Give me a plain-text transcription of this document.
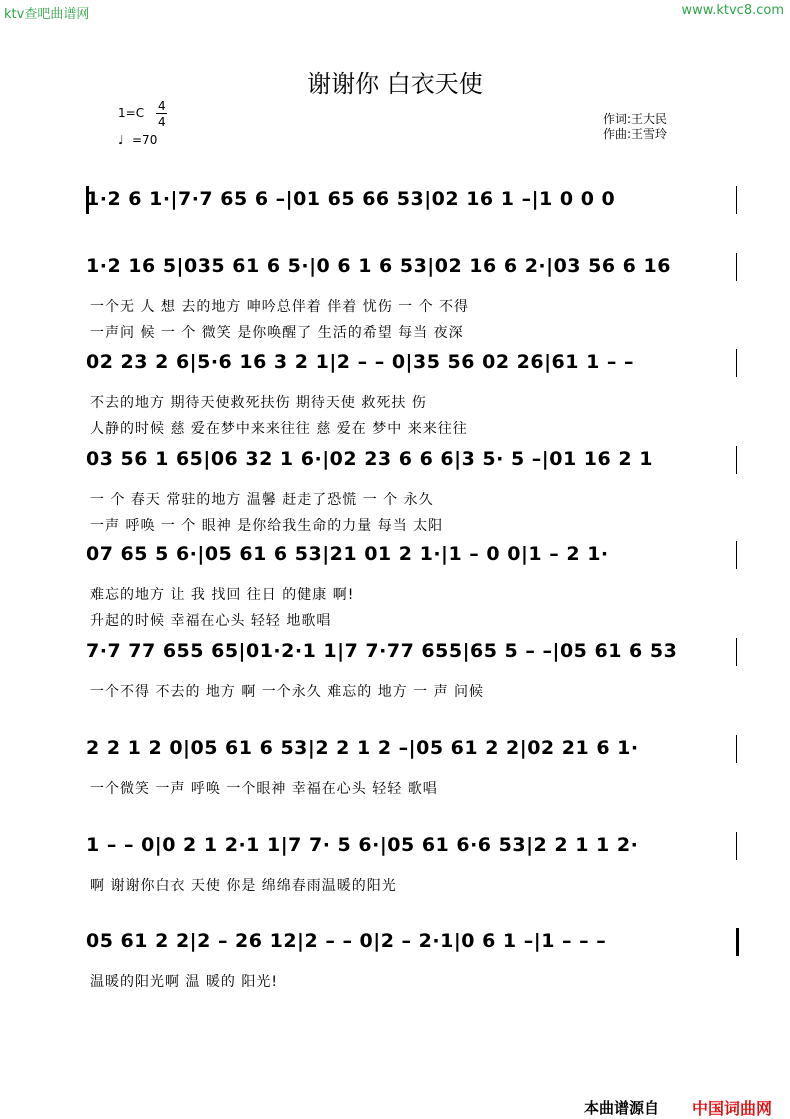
ktv查吧曲谱网	www.ktvc8.com
谢谢你 白衣天使
1=C 4
4
♩ =70
作词:王大民
作曲:王雪玲
1·2 6 1·|7·7 65 6 –|01 65 66 53|02 16 1 –|1 0 0 0
1·2 16 5|035 61 6 5·|0 6 1 6 53|02 16 6 2·|03 56 6 16
一个无 人 想 去的地方 呻吟总伴着 伴着 忧伤 一 个 不得
一声问 候 一 个 微笑 是你唤醒了 生活的希望 每当 夜深
02 23 2 6|5·6 16 3 2 1|2 – – 0|35 56 02 26|61 1 – –
不去的地方 期待天使救死扶伤 期待天使 救死扶 伤
人静的时候 慈 爱在梦中来来往往 慈 爱在 梦中 来来往往
03 56 1 65|06 32 1 6·|02 23 6 6 6|3 5· 5 –|01 16 2 1
一 个 春天 常驻的地方 温馨 赶走了恐慌 一 个 永久
一声 呼唤 一 个 眼神 是你给我生命的力量 每当 太阳
07 65 5 6·|05 61 6 53|21 01 2 1·|1 – 0 0|1 – 2 1·
难忘的地方 让 我 找回 往日 的健康 啊!
升起的时候 幸福在心头 轻轻 地歌唱
7·7 77 655 65|01·2·1 1|7 7·77 655|65 5 – –|05 61 6 53
一个不得 不去的 地方 啊 一个永久 难忘的 地方 一 声 问候
2 2 1 2 0|05 61 6 53|2 2 1 2 –|05 61 2 2|02 21 6 1·
一个微笑 一声 呼唤 一个眼神 幸福在心头 轻轻 歌唱
1 – – 0|0 2 1 2·1 1|7 7· 5 6·|05 61 6·6 53|2 2 1 1 2·
啊 谢谢你白衣 天使 你是 绵绵春雨温暖的阳光
05 61 2 2|2 – 26 12|2 – – 0|2 – 2·1|0 6 1 –|1 – – –
温暖的阳光啊 温 暖的 阳光!
本曲谱源自 中国词曲网
